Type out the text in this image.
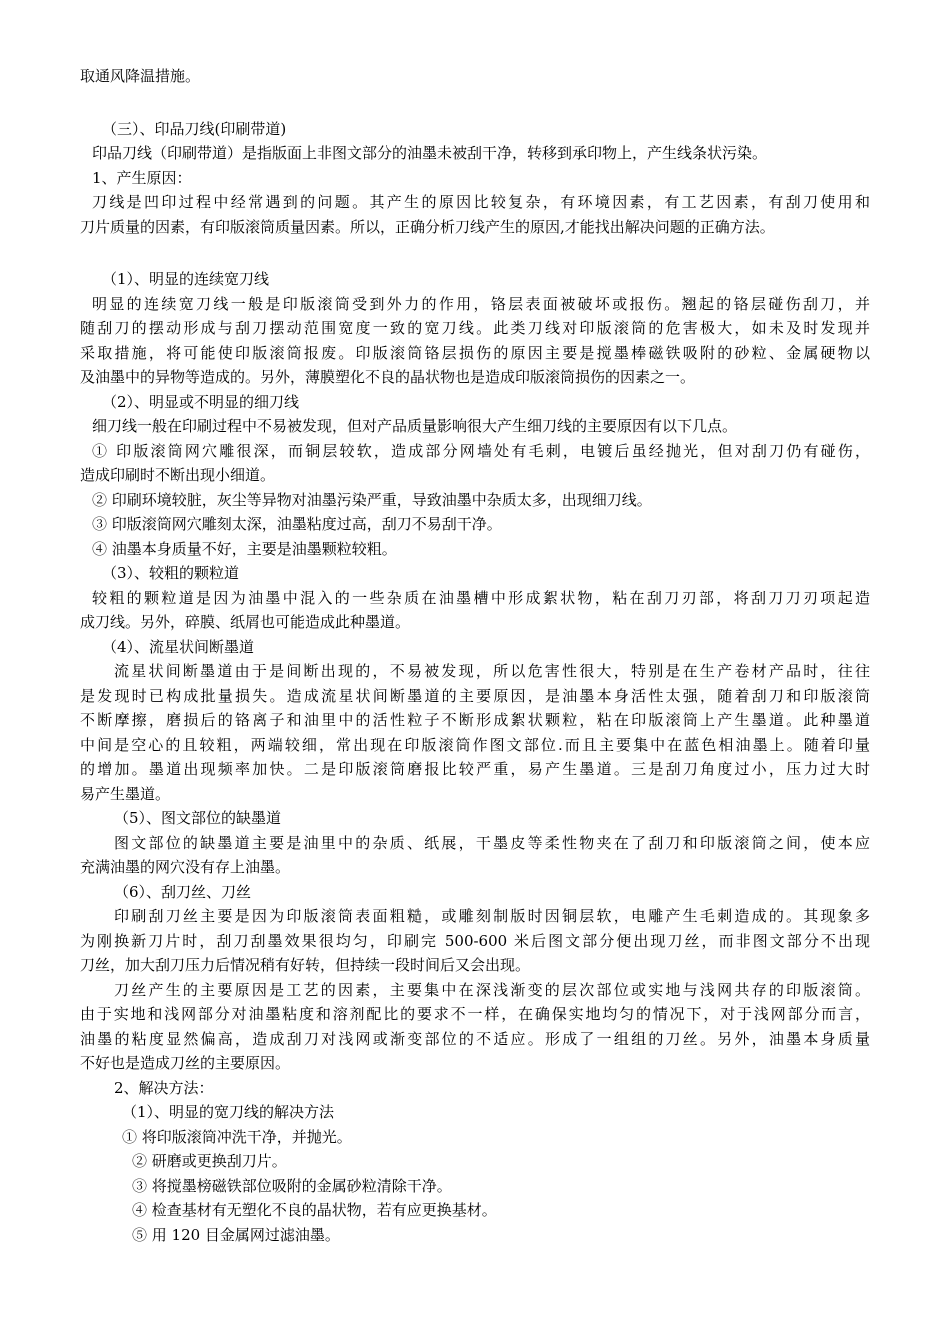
取通风降温措施。

（三）、印品刀线(印刷带道)

印品刀线（印刷带道）是指版面上非图文部分的油墨未被刮干净，转移到承印物上，产生线条状污染。

1、产生原因：

刀线是凹印过程中经常遇到的问题。其产生的原因比较复杂，有环境因素，有工艺因素，有刮刀使用和

刀片质量的因素，有印版滚筒质量因素。所以，正确分析刀线产生的原因,才能找出解决问题的正确方法。

（1）、明显的连续宽刀线

明显的连续宽刀线一般是印版滚筒受到外力的作用，铬层表面被破坏或报伤。翘起的铬层碰伤刮刀，并

随刮刀的摆动形成与刮刀摆动范围宽度一致的宽刀线。此类刀线对印版滚筒的危害极大，如未及时发现并

采取措施，将可能使印版滚筒报废。印版滚筒铬层损伤的原因主要是搅墨棒磁铁吸附的砂粒、金属硬物以

及油墨中的异物等造成的。另外，薄膜塑化不良的晶状物也是造成印版滚筒损伤的因素之一。

（2）、明显或不明显的细刀线

细刀线一般在印刷过程中不易被发现，但对产品质量影响很大产生细刀线的主要原因有以下几点。

① 印版滚筒网穴雕很深，而铜层较软，造成部分网墙处有毛刺，电镀后虽经抛光，但对刮刀仍有碰伤，

造成印刷时不断出现小细道。

② 印刷环境较脏，灰尘等异物对油墨污染严重，导致油墨中杂质太多，出现细刀线。

③ 印版滚筒网穴雕刻太深，油墨粘度过高，刮刀不易刮干净。

④ 油墨本身质量不好，主要是油墨颗粒较粗。

（3）、较粗的颗粒道

较粗的颗粒道是因为油墨中混入的一些杂质在油墨槽中形成絮状物，粘在刮刀刃部，将刮刀刀刃项起造

成刀线。另外，碎膜、纸屑也可能造成此种墨道。

（4）、流星状间断墨道

流星状间断墨道由于是间断出现的，不易被发现，所以危害性很大，特别是在生产卷材产品时，往往

是发现时已构成批量损失。造成流星状间断墨道的主要原因，是油墨本身活性太强，随着刮刀和印版滚筒

不断摩擦，磨损后的铬离子和油里中的活性粒子不断形成絮状颗粒，粘在印版滚筒上产生墨道。此种墨道

中间是空心的且较粗，两端较细，常出现在印版滚筒作图文部位.而且主要集中在蓝色相油墨上。随着印量

的增加。墨道出现频率加快。二是印版滚筒磨报比较严重，易产生墨道。三是刮刀角度过小，压力过大时

易产生墨道。

（5）、图文部位的缺墨道

图文部位的缺墨道主要是油里中的杂质、纸展，干墨皮等柔性物夹在了刮刀和印版滚筒之间，使本应

充满油墨的网穴没有存上油墨。

（6）、刮刀丝、刀丝

印刷刮刀丝主要是因为印版滚筒表面粗糙，或雕刻制版时因铜层软，电雕产生毛刺造成的。其现象多

为刚换新刀片时，刮刀刮墨效果很均匀，印刷完 500-600 米后图文部分便出现刀丝，而非图文部分不出现

刀丝，加大刮刀压力后情况稍有好转，但持续一段时间后又会出现。

刀丝产生的主要原因是工艺的因素，主要集中在深浅渐变的层次部位或实地与浅网共存的印版滚筒。

由于实地和浅网部分对油墨粘度和溶剂配比的要求不一样，在确保实地均匀的情况下，对于浅网部分而言，

油墨的粘度显然偏高，造成刮刀对浅网或渐变部位的不适应。形成了一组组的刀丝。另外，油墨本身质量

不好也是造成刀丝的主要原因。

2、解决方法：

（1）、明显的宽刀线的解决方法

① 将印版滚筒冲洗干净，并抛光。

② 研磨或更换刮刀片。

③ 将搅墨榜磁铁部位吸附的金属砂粒清除干净。

④ 检查基材有无塑化不良的晶状物，若有应更换基材。

⑤ 用 120 目金属网过滤油墨。
